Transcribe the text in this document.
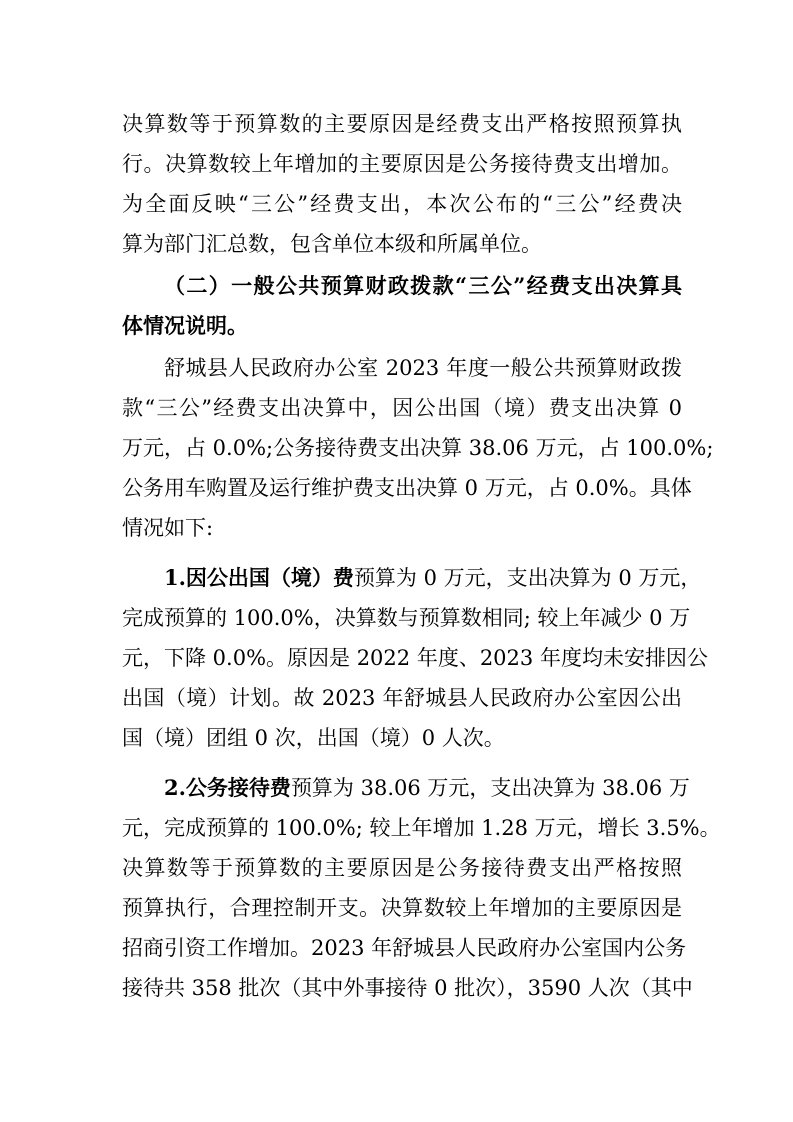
决算数等于预算数的主要原因是经费支出严格按照预算执
行。决算数较上年增加的主要原因是公务接待费支出增加。
为全面反映“三公”经费支出，本次公布的“三公”经费决
算为部门汇总数，包含单位本级和所属单位。
（二）一般公共预算财政拨款“三公”经费支出决算具
体情况说明。
舒城县人民政府办公室 2023 年度一般公共预算财政拨
款“三公”经费支出决算中，因公出国（境）费支出决算 0
万元，占 0.0%;公务接待费支出决算 38.06 万元，占 100.0%;
公务用车购置及运行维护费支出决算 0 万元，占 0.0%。具体
情况如下:
1.因公出国（境）费预算为 0 万元，支出决算为 0 万元，
完成预算的 100.0%，决算数与预算数相同; 较上年减少 0 万
元，下降 0.0%。原因是 2022 年度、2023 年度均未安排因公
出国（境）计划。故 2023 年舒城县人民政府办公室因公出
国（境）团组 0 次，出国（境）0 人次。
2.公务接待费预算为 38.06 万元，支出决算为 38.06 万
元，完成预算的 100.0%; 较上年增加 1.28 万元，增长 3.5%。
决算数等于预算数的主要原因是公务接待费支出严格按照
预算执行，合理控制开支。决算数较上年增加的主要原因是
招商引资工作增加。2023 年舒城县人民政府办公室国内公务
接待共 358 批次（其中外事接待 0 批次），3590 人次（其中
